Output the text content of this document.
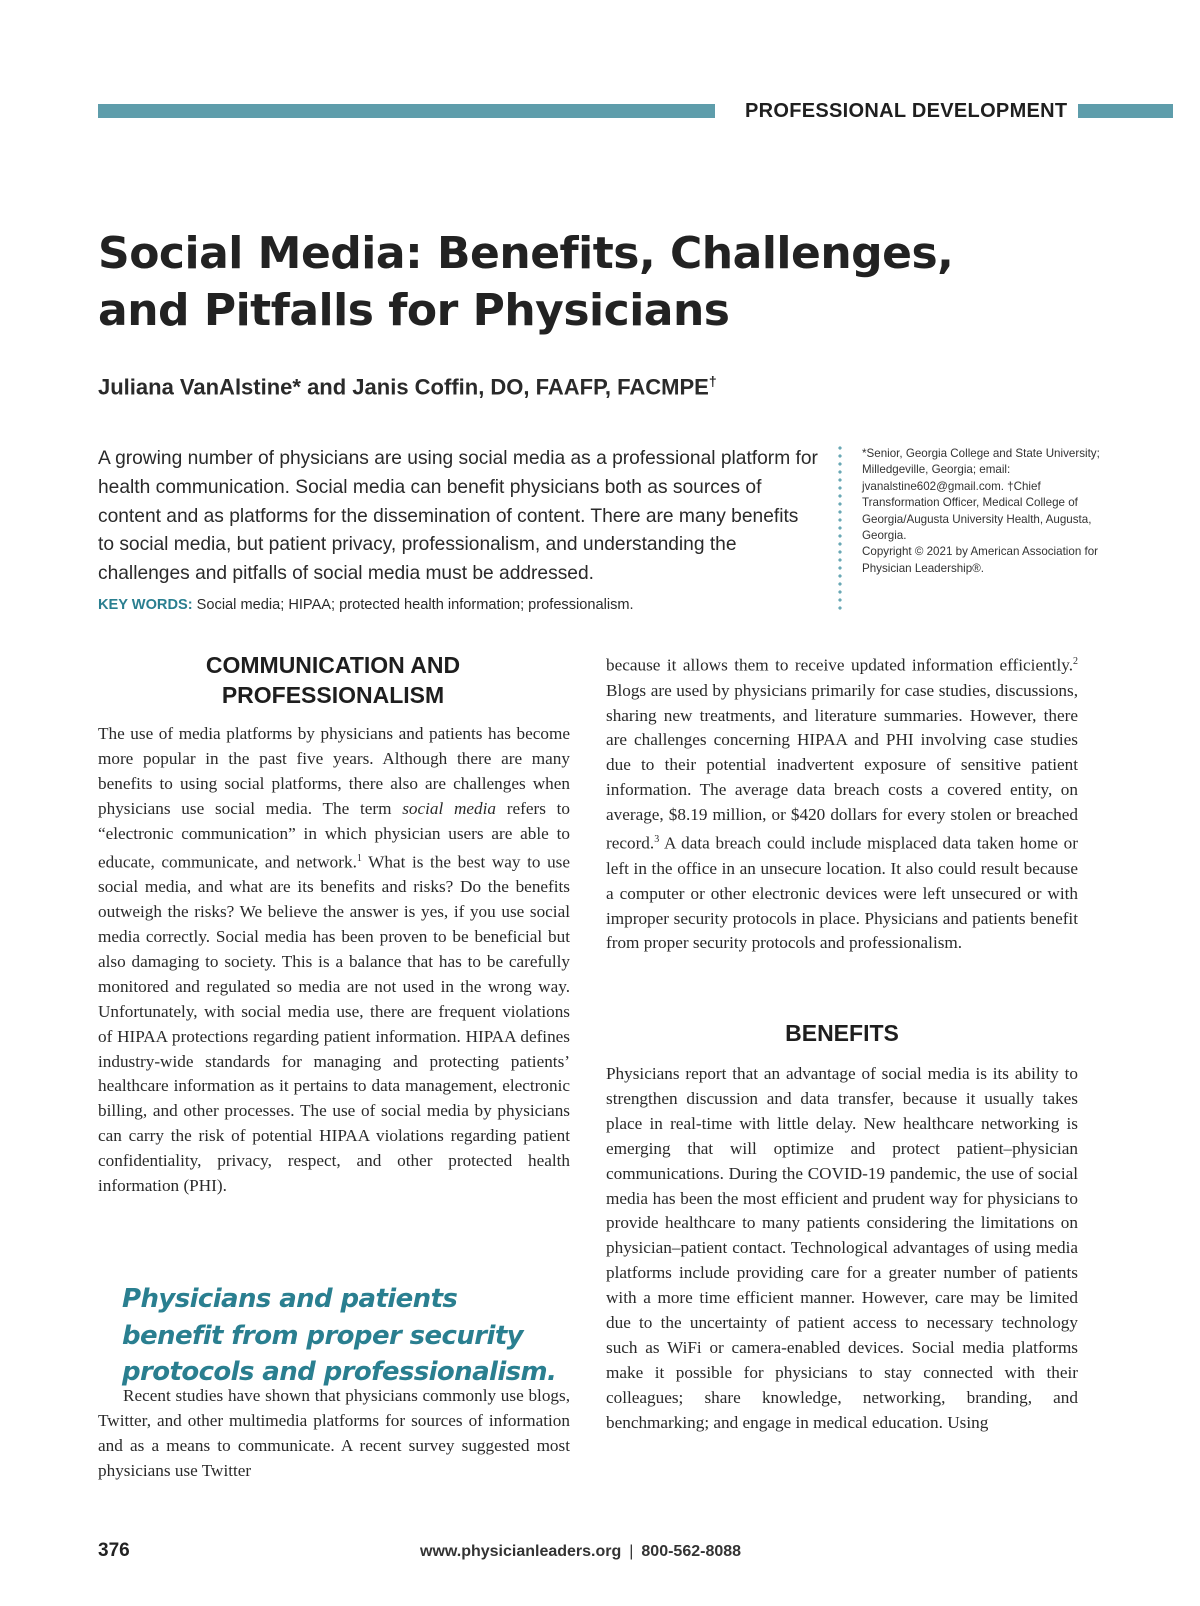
PROFESSIONAL DEVELOPMENT
Social Media: Benefits, Challenges,
and Pitfalls for Physicians
Juliana VanAlstine* and Janis Coffin, DO, FAAFP, FACMPE†

A growing number of physicians are using social media as a professional platform for health communication. Social media can benefit physicians both as sources of content and as platforms for the dissemination of content. There are many benefits to social media, but patient privacy, professionalism, and understanding the challenges and pitfalls of social media must be addressed.

KEY WORDS: Social media; HIPAA; protected health information; professionalism.

*Senior, Georgia College and State University; Milledgeville, Georgia; email: jvanalstine602@gmail.com. †Chief Transformation Officer, Medical College of Georgia/Augusta University Health, Augusta, Georgia.

Copyright © 2021 by American Association for Physician Leadership®.

COMMUNICATION AND
PROFESSIONALISM

The use of media platforms by physicians and patients has become more popular in the past five years. Although there are many benefits to using social platforms, there also are challenges when physicians use social media. The term social media refers to “electronic communication” in which physician users are able to educate, communicate, and network.$^1$ What is the best way to use social media, and what are its benefits and risks? Do the benefits outweigh the risks? We believe the answer is yes, if you use social media correctly. Social media has been proven to be beneficial but also damaging to society. This is a balance that has to be carefully monitored and regulated so media are not used in the wrong way. Unfortunately, with social media use, there are frequent violations of HIPAA protections regarding patient information. HIPAA defines industry-wide standards for managing and protecting patients’ healthcare information as it pertains to data management, electronic billing, and other processes. The use of social media by physicians can carry the risk of potential HIPAA violations regarding patient confidentiality, privacy, respect, and other protected health information (PHI).

Physicians and patients benefit from proper security protocols and professionalism.

Recent studies have shown that physicians commonly use blogs, Twitter, and other multimedia platforms for sources of information and as a means to communicate. A recent survey suggested most physicians use Twitter

because it allows them to receive updated information efficiently.$^2$ Blogs are used by physicians primarily for case studies, discussions, sharing new treatments, and literature summaries. However, there are challenges concerning HIPAA and PHI involving case studies due to their potential inadvertent exposure of sensitive patient information. The average data breach costs a covered entity, on average, $8.19 million, or $420 dollars for every stolen or breached record.$^3$ A data breach could include misplaced data taken home or left in the office in an unsecure location. It also could result because a computer or other electronic devices were left unsecured or with improper security protocols in place. Physicians and patients benefit from proper security protocols and professionalism.

BENEFITS

Physicians report that an advantage of social media is its ability to strengthen discussion and data transfer, because it usually takes place in real-time with little delay. New healthcare networking is emerging that will optimize and protect patient–physician communications. During the COVID-19 pandemic, the use of social media has been the most efficient and prudent way for physicians to provide healthcare to many patients considering the limitations on physician–patient contact. Technological advantages of using media platforms include providing care for a greater number of patients with a more time efficient manner. However, care may be limited due to the uncertainty of patient access to necessary technology such as WiFi or camera-enabled devices. Social media platforms make it possible for physicians to stay connected with their colleagues; share knowledge, networking, branding, and benchmarking; and engage in medical education. Using

376	www.physicianleaders.org | 800-562-8088
